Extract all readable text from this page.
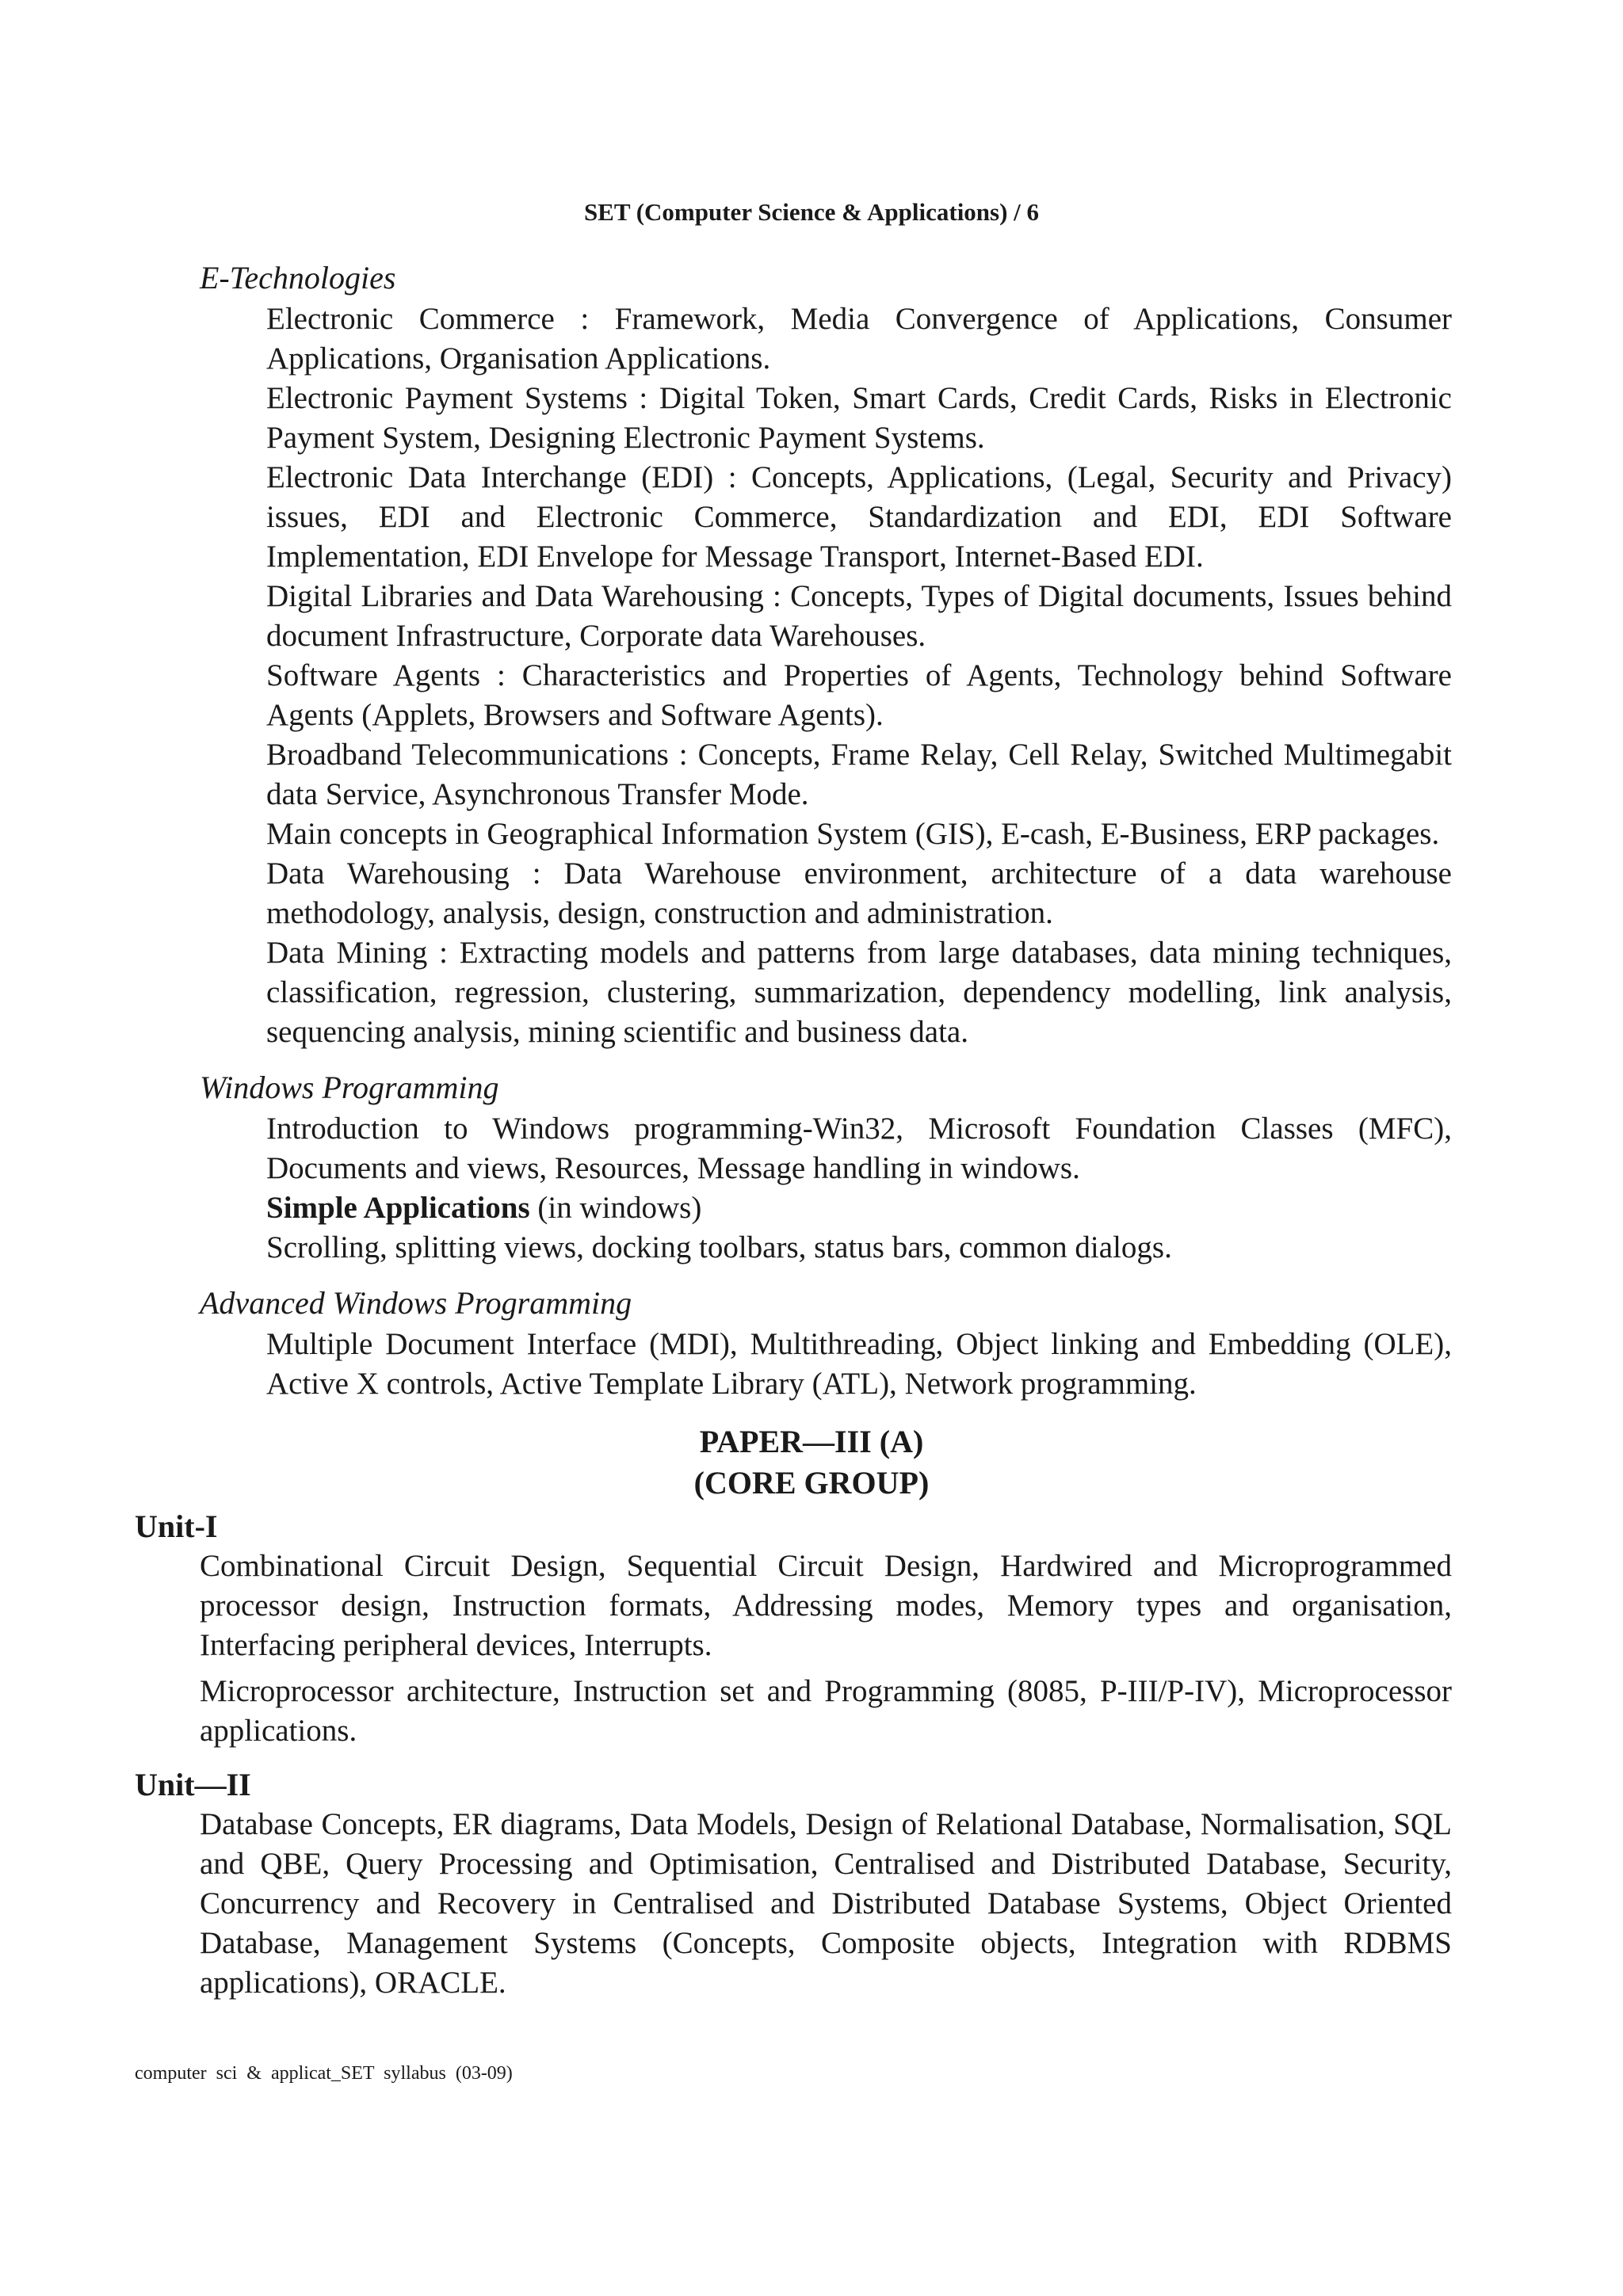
SET (Computer Science & Applications) / 6
E-Technologies

Electronic Commerce : Framework, Media Convergence of Applications, Consumer Applications, Organisation Applications.

Electronic Payment Systems : Digital Token, Smart Cards, Credit Cards, Risks in Electronic Payment System, Designing Electronic Payment Systems.

Electronic Data Interchange (EDI) : Concepts, Applications, (Legal, Security and Privacy) issues, EDI and Electronic Commerce, Standardization and EDI, EDI Software Implementation, EDI Envelope for Message Transport, Internet-Based EDI.

Digital Libraries and Data Warehousing : Concepts, Types of Digital documents, Issues behind document Infrastructure, Corporate data Warehouses.

Software Agents : Characteristics and Properties of Agents, Technology behind Software Agents (Applets, Browsers and Software Agents).

Broadband Telecommunications : Concepts, Frame Relay, Cell Relay, Switched Multimegabit data Service, Asynchronous Transfer Mode.

Main concepts in Geographical Information System (GIS), E-cash, E-Business, ERP packages.

Data Warehousing : Data Warehouse environment, architecture of a data warehouse methodology, analysis, design, construction and administration.

Data Mining : Extracting models and patterns from large databases, data mining techniques, classification, regression, clustering, summarization, dependency modelling, link analysis, sequencing analysis, mining scientific and business data.

Windows Programming

Introduction to Windows programming-Win32, Microsoft Foundation Classes (MFC), Documents and views, Resources, Message handling in windows.

Simple Applications (in windows)

Scrolling, splitting views, docking toolbars, status bars, common dialogs.

Advanced Windows Programming

Multiple Document Interface (MDI), Multithreading, Object linking and Embedding (OLE), Active X controls, Active Template Library (ATL), Network programming.

PAPER—III (A)
(CORE GROUP)
Unit-I

Combinational Circuit Design, Sequential Circuit Design, Hardwired and Microprogrammed processor design, Instruction formats, Addressing modes, Memory types and organisation, Interfacing peripheral devices, Interrupts.

Microprocessor architecture, Instruction set and Programming (8085, P-III/P-IV), Microprocessor applications.

Unit—II

Database Concepts, ER diagrams, Data Models, Design of Relational Database, Normalisation, SQL and QBE, Query Processing and Optimisation, Centralised and Distributed Database, Security, Concurrency and Recovery in Centralised and Distributed Database Systems, Object Oriented Database, Management Systems (Concepts, Composite objects, Integration with RDBMS applications), ORACLE.

computer sci & applicat_SET syllabus (03-09)
